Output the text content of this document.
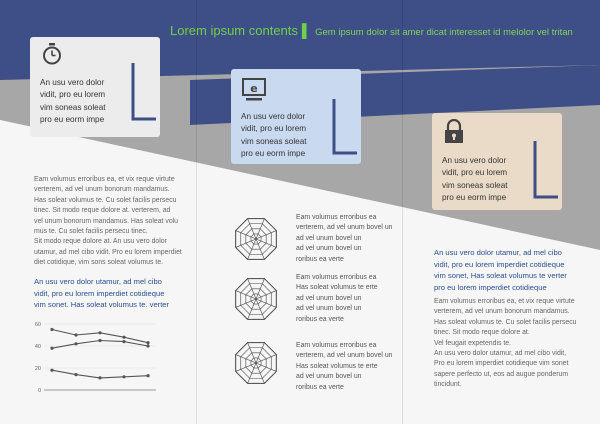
Lorem ipsum contents ▌ Gem ipsum dolor sit amer dicat interesset id melolor vel tritan
An usu vero dolor
vidit, pro eu lorem
vim soneas soleat
pro eu eorm impe
e
An usu vero dolor
vidit, pro eu lorem
vim soneas soleat
pro eu eorm impe
An usu vero dolor
vidit, pro eu lorem
vim soneas soleat
pro eu eorm impe
Eam volumus erroribus ea, et vix reque virtute
verterem, ad vel unum bonorum mandamus.
Has soleat volumus te. Cu solet facilis persecu
tinec. Sit modo reque dolore at. verterem, ad
vel unum bonorum mandamus. Has soleat volu
mus te. Cu solet facilis persecu tinec.
Sit modo reque dolore at. An usu vero dolor
utamur, ad mel cibo vidit. Pro eu lorem imperdiet
diet cotidique, vim sons soleat volumus te.
An usu vero dolor utamur, ad mel cibo
vidit, pro eu lorem imperdiet cotidieque
vim sonet. Has soleat volumus te. verter
0
20
40
60
Eam volumus erroribus ea
verterem, ad vel unum bovel un
ad vel unum bovel un
ad vel unum bovel un
roribus ea verte
Eam volumus erroribus ea
Has soleat volumus te erte
ad vel unum bovel un
ad vel unum bovel un
roribus ea verte
Eam volumus erroribus ea
verterem, ad vel unum bovel un
Has soleat volumus te erte
ad vel unum bovel un
roribus ea verte
An usu vero dolor utamur, ad mel cibo
vidit, pro eu lorem imperdiet cotidieque
vim sonet, Has soleat volumus te verter
pro eu lorem imperdiet cotidieque
Eam volumus erroribus ea, et vix reque virtute
verterem, ad vel unum bonorum mandamus.
Has soleat volumus te. Cu solet facilis persecu
tinec. Sit modo reque dolore at.
Vel feugait expetendis te.
An usu vero dolor utamur, ad mel cibo vidit,
Pro eu lorem imperdiet cotidieque vim sonet
sapere perfecto ut, eos ad augue ponderum
tincidunt.
